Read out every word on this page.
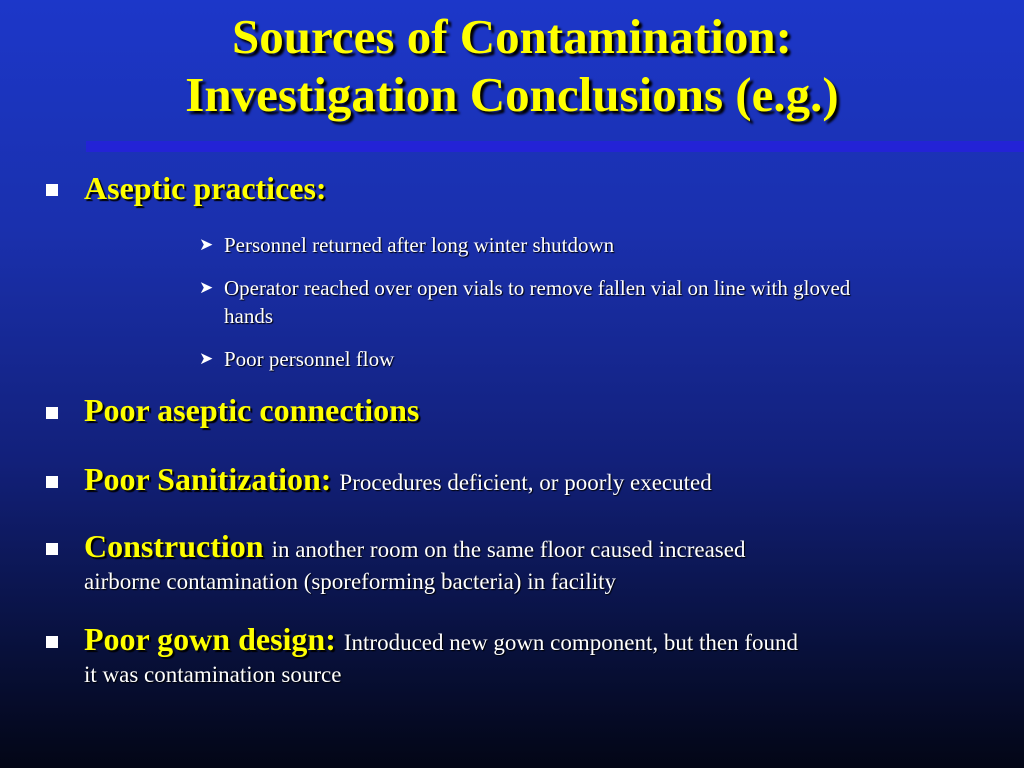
Sources of Contamination:
Investigation Conclusions (e.g.)
Aseptic practices:
➤ Personnel returned after long winter shutdown
➤ Operator reached over open vials to remove fallen vial on line with gloved
hands
➤ Poor personnel flow
Poor aseptic connections
Poor Sanitization: Procedures deficient, or poorly executed
Construction in another room on the same floor caused increased
airborne contamination (sporeforming bacteria) in facility
Poor gown design: Introduced new gown component, but then found
it was contamination source
